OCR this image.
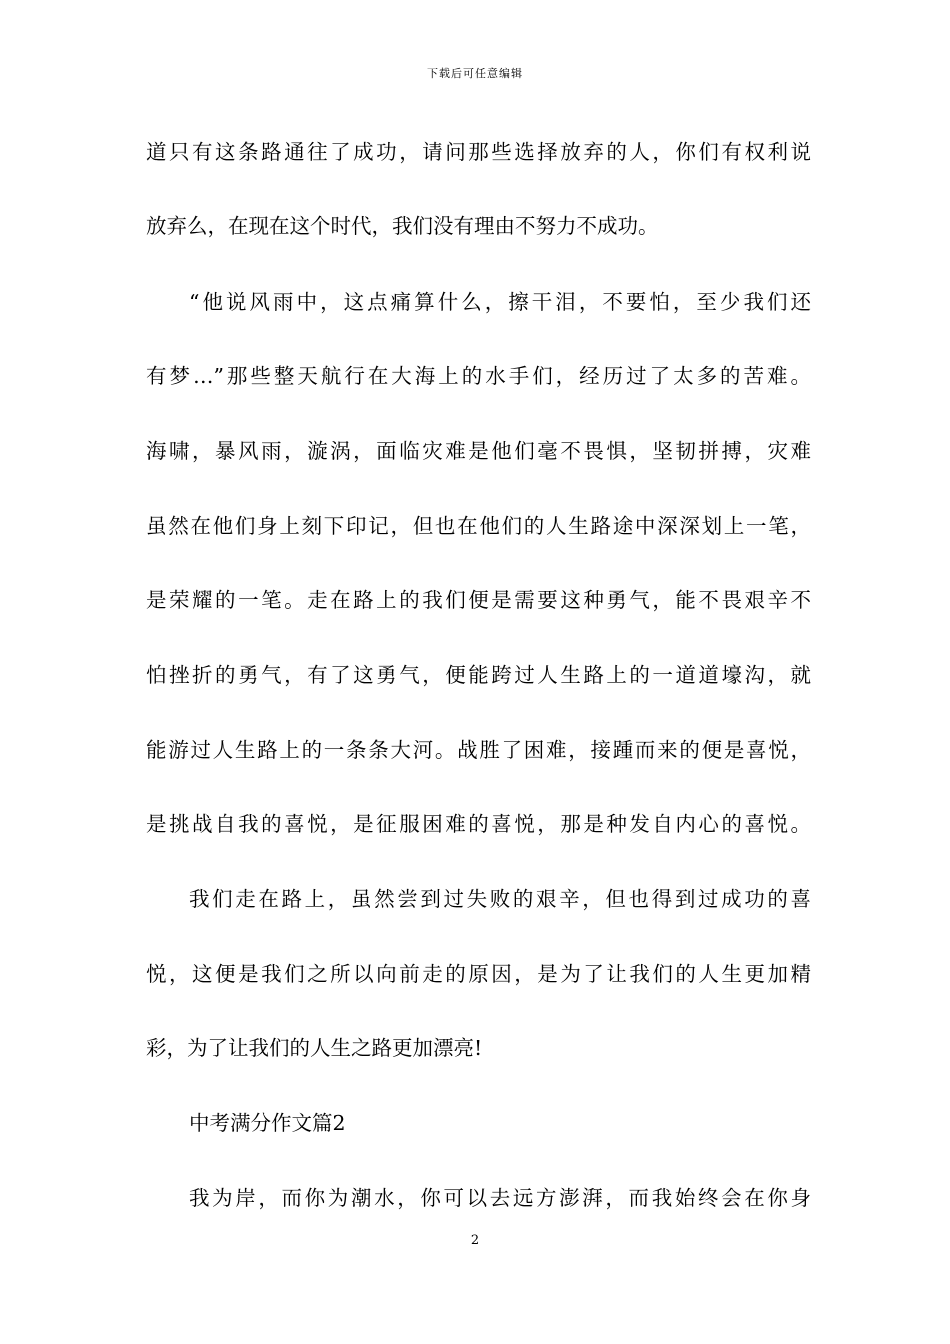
下载后可任意编辑
道只有这条路通往了成功，请问那些选择放弃的人，你们有权利说
放弃么，在现在这个时代，我们没有理由不努力不成功。
“他说风雨中，这点痛算什么，擦干泪，不要怕，至少我们还
有梦…”那些整天航行在大海上的水手们，经历过了太多的苦难。
海啸，暴风雨，漩涡，面临灾难是他们毫不畏惧，坚韧拼搏，灾难
虽然在他们身上刻下印记，但也在他们的人生路途中深深划上一笔，
是荣耀的一笔。走在路上的我们便是需要这种勇气，能不畏艰辛不
怕挫折的勇气，有了这勇气，便能跨过人生路上的一道道壕沟，就
能游过人生路上的一条条大河。战胜了困难，接踵而来的便是喜悦，
是挑战自我的喜悦，是征服困难的喜悦，那是种发自内心的喜悦。
我们走在路上，虽然尝到过失败的艰辛，但也得到过成功的喜
悦，这便是我们之所以向前走的原因，是为了让我们的人生更加精
彩，为了让我们的人生之路更加漂亮!
中考满分作文篇2
我为岸，而你为潮水，你可以去远方澎湃，而我始终会在你身
2
